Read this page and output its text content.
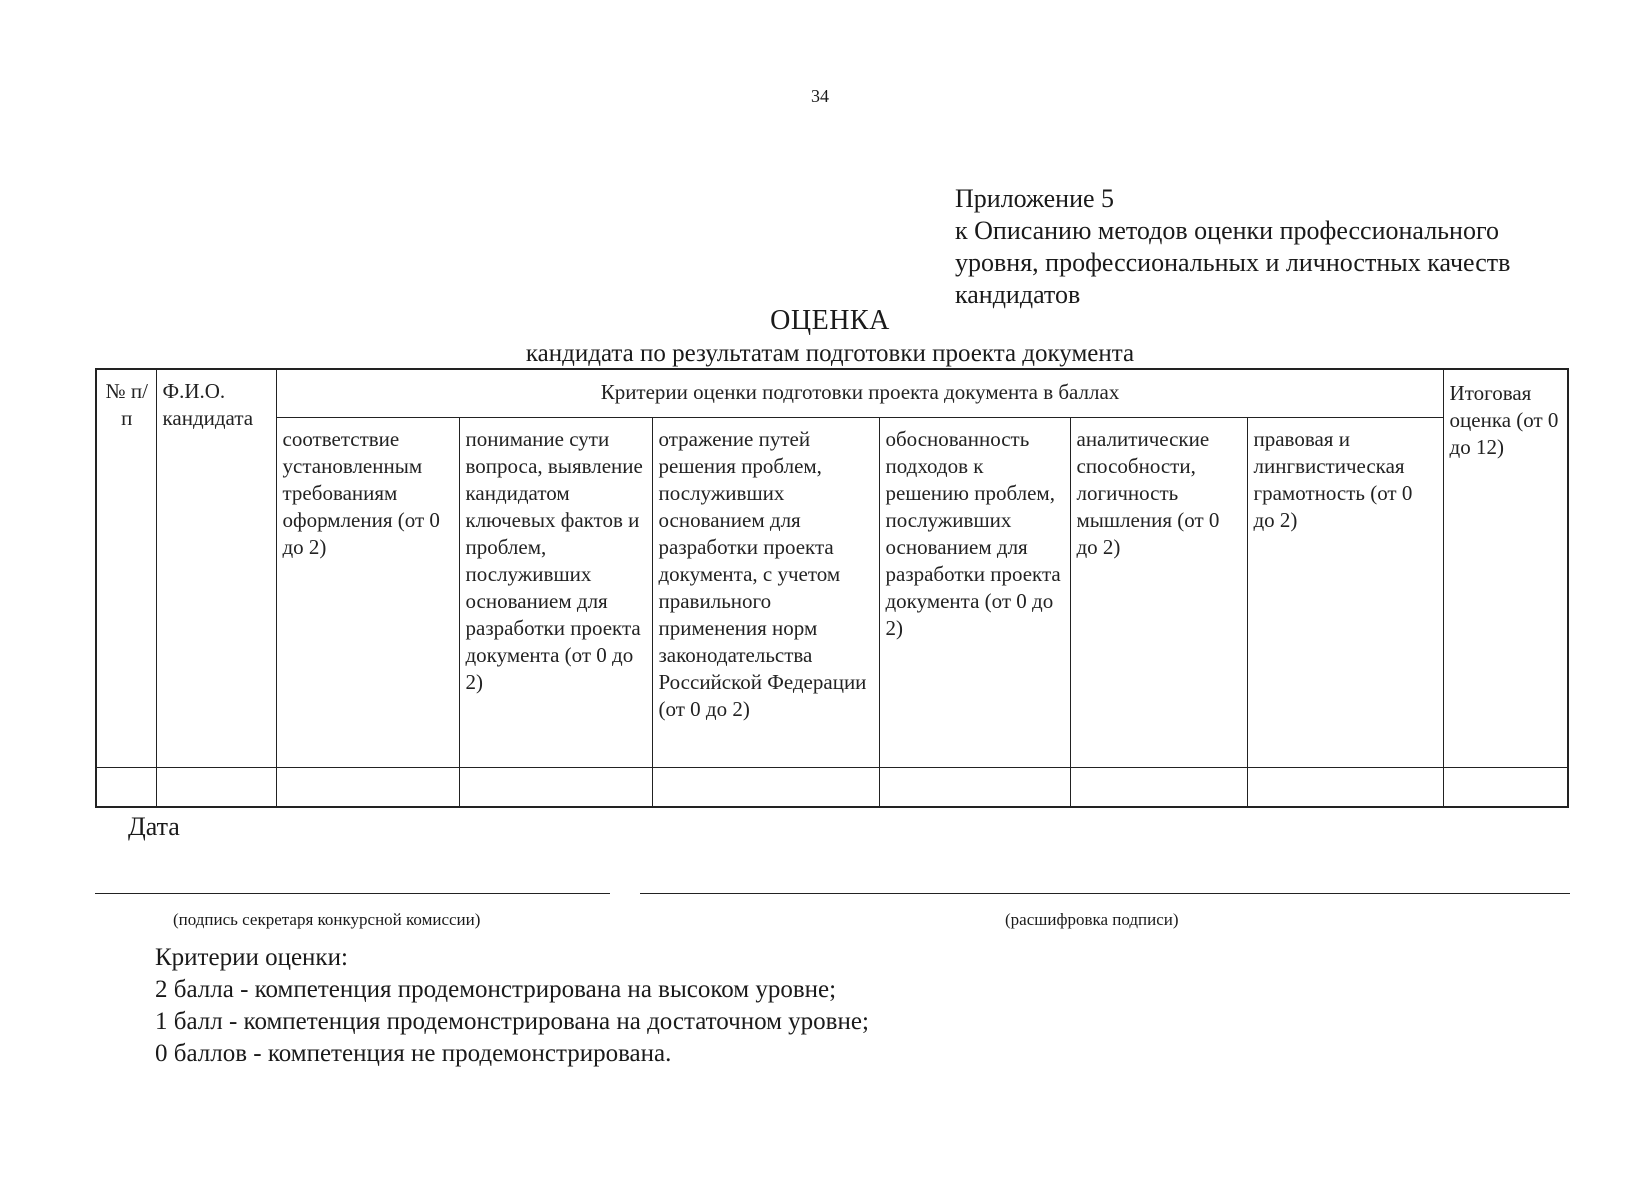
34
Приложение 5
к Описанию методов оценки профессионального
уровня, профессиональных и личностных качеств
кандидатов
ОЦЕНКА
кандидата по результатам подготовки проекта документа
№ п/п	Ф.И.О. кандидата	Критерии оценки подготовки проекта документа в баллах						Итоговая оценка (от 0 до 12)
		соответствие установленным требованиям оформления (от 0 до 2)	понимание сути вопроса, выявление кандидатом ключевых фактов и проблем, послуживших основанием для разработки проекта документа (от 0 до 2)	отражение путей решения проблем, послуживших основанием для разработки проекта документа, с учетом правильного применения норм законодательства Российской Федерации (от 0 до 2)	обоснованность подходов к решению проблем, послуживших основанием для разработки проекта документа (от 0 до 2)	аналитические способности, логичность мышления (от 0 до 2)	правовая и лингвистическая грамотность (от 0 до 2)	

Дата
(подпись секретаря конкурсной комиссии)	(расшифровка подписи)
Критерии оценки:
2 балла - компетенция продемонстрирована на высоком уровне;
1 балл - компетенция продемонстрирована на достаточном уровне;
0 баллов - компетенция не продемонстрирована.
